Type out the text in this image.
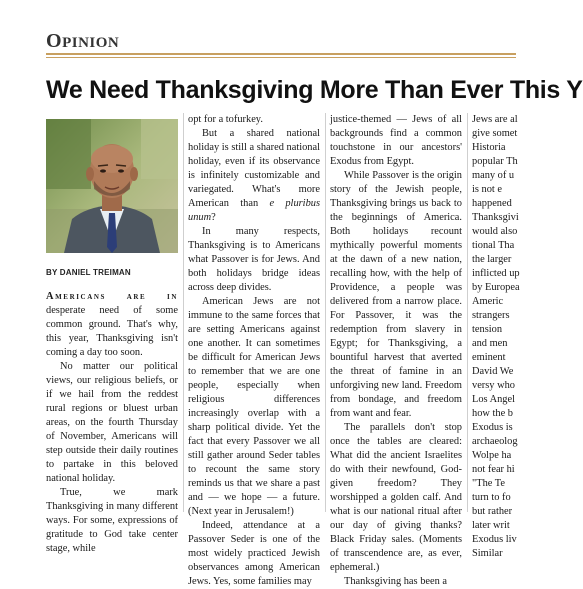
OPINION
We Need Thanksgiving More Than Ever This Y
BY DANIEL TREIMAN

Americans are in desperate need of some common ground. That's why, this year, Thanksgiving isn't coming a day too soon.

No matter our political views, our religious beliefs, or if we hail from the reddest rural regions or bluest urban areas, on the fourth Thursday of November, Americans will step outside their daily routines to partake in this beloved national holiday.

True, we mark Thanksgiving in many different ways. For some, expressions of gratitude to God take center stage, while

opt for a tofurkey.

But a shared national holiday is still a shared national holiday, even if its observance is infinitely customizable and variegated. What's more American than e pluribus unum?

In many respects, Thanksgiving is to Americans what Passover is for Jews. And both holidays bridge ideas across deep divides.

American Jews are not immune to the same forces that are setting Americans against one another. It can sometimes be difficult for American Jews to remember that we are one people, especially when religious differences increasingly overlap with a sharp political divide. Yet the fact that every Passover we all still gather around Seder tables to recount the same story reminds us that we share a past and — we hope — a future. (Next year in Jerusalem!)

Indeed, attendance at a Passover Seder is one of the most widely practiced Jewish observances among American Jews. Yes, some families may

justice-themed — Jews of all backgrounds find a common touchstone in our ancestors' Exodus from Egypt.

While Passover is the origin story of the Jewish people, Thanksgiving brings us back to the beginnings of America. Both holidays recount mythically powerful moments at the dawn of a new nation, recalling how, with the help of Providence, a people was delivered from a narrow place. For Passover, it was the redemption from slavery in Egypt; for Thanksgiving, a bountiful harvest that averted the threat of famine in an unforgiving new land. Freedom from bondage, and freedom from want and fear.

The parallels don't stop once the tables are cleared: What did the ancient Israelites do with their newfound, God-given freedom? They worshipped a golden calf. And what is our national ritual after our day of giving thanks? Black Friday sales. (Moments of transcendence are, as ever, ephemeral.)

Thanksgiving has been a

Jews are al

give somet

Historia

popular Th

many of u

is not e

happened

Thanksgivi

would also

tional Tha

the larger

inflicted up

by Europea

Americ

strangers

tension

and men

eminent

David We

versy who

Los Angel

how the b

Exodus is

archaeolog

Wolpe ha

not fear hi

"The Te

turn to fo

but rather

later writ

Exodus liv

Similar
